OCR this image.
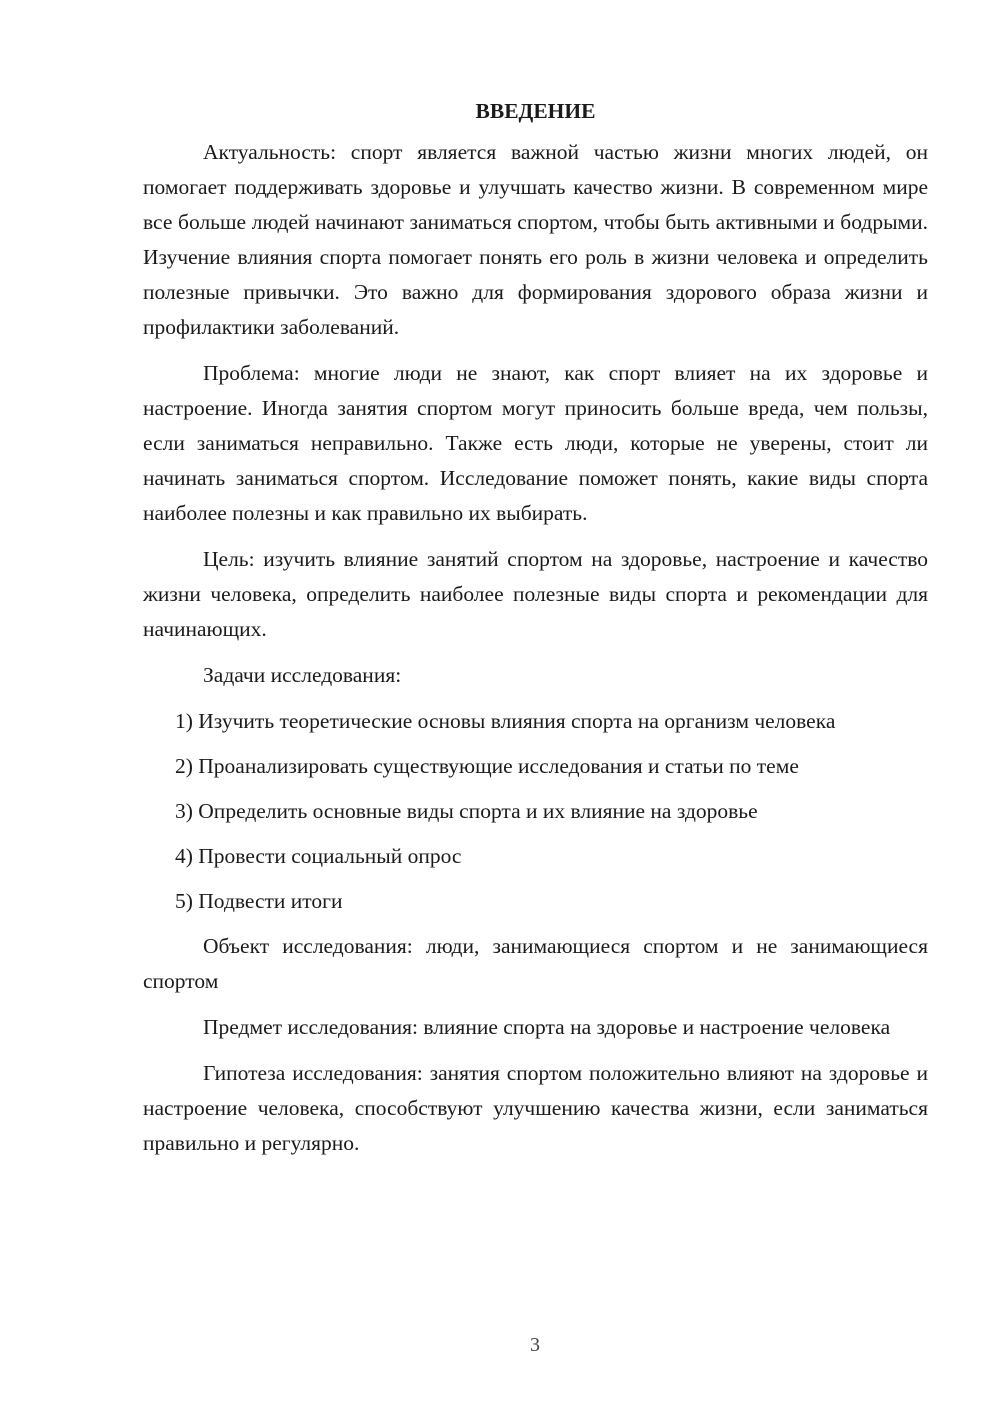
ВВЕДЕНИЕ

Актуальность: спорт является важной частью жизни многих людей, он помогает поддерживать здоровье и улучшать качество жизни. В современном мире все больше людей начинают заниматься спортом, чтобы быть активными и бодрыми. Изучение влияния спорта помогает понять его роль в жизни человека и определить полезные привычки. Это важно для формирования здорового образа жизни и профилактики заболеваний.

Проблема: многие люди не знают, как спорт влияет на их здоровье и настроение. Иногда занятия спортом могут приносить больше вреда, чем пользы, если заниматься неправильно. Также есть люди, которые не уверены, стоит ли начинать заниматься спортом. Исследование поможет понять, какие виды спорта наиболее полезны и как правильно их выбирать.

Цель: изучить влияние занятий спортом на здоровье, настроение и качество жизни человека, определить наиболее полезные виды спорта и рекомендации для начинающих.

Задачи исследования:

1) Изучить теоретические основы влияния спорта на организм человека
2) Проанализировать существующие исследования и статьи по теме
3) Определить основные виды спорта и их влияние на здоровье
4) Провести социальный опрос
5) Подвести итоги

Объект исследования: люди, занимающиеся спортом и не занимающиеся спортом

Предмет исследования: влияние спорта на здоровье и настроение человека

Гипотеза исследования: занятия спортом положительно влияют на здоровье и настроение человека, способствуют улучшению качества жизни, если заниматься правильно и регулярно.

3
